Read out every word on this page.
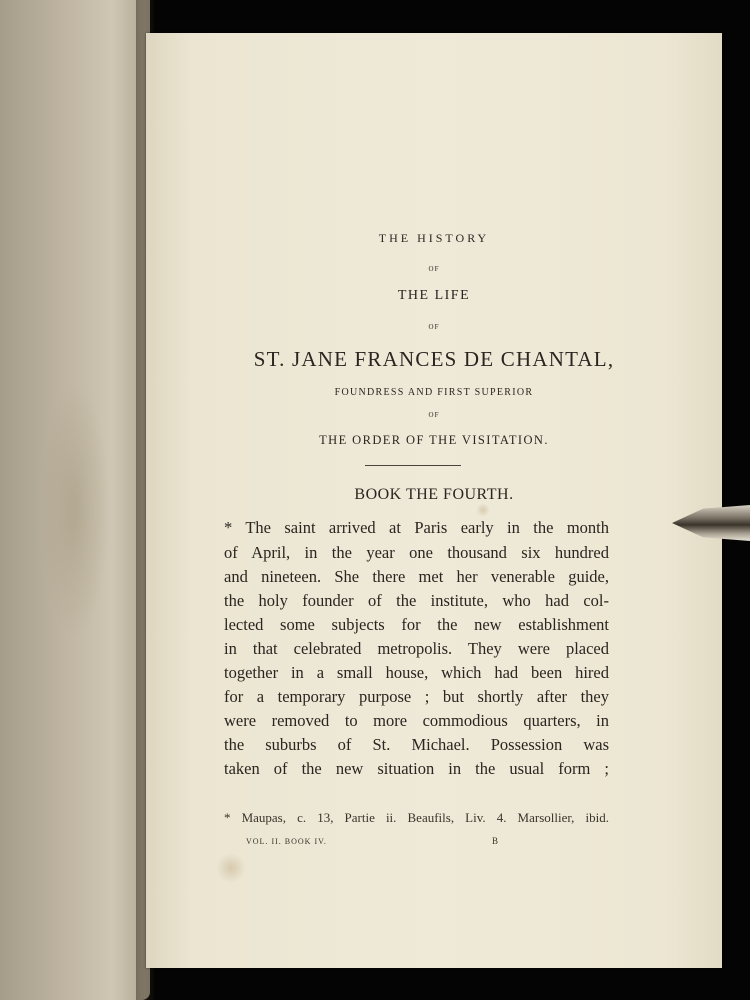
THE HISTORY
OF
THE LIFE
OF
ST. JANE FRANCES DE CHANTAL,
FOUNDRESS AND FIRST SUPERIOR
OF
THE ORDER OF THE VISITATION.
BOOK THE FOURTH.
* The saint arrived at Paris early in the month
of April, in the year one thousand six hundred
and nineteen. She there met her venerable guide,
the holy founder of the institute, who had col-
lected some subjects for the new establishment
in that celebrated metropolis. They were placed
together in a small house, which had been hired
for a temporary purpose ; but shortly after they
were removed to more commodious quarters, in
the suburbs of St. Michael. Possession was
taken of the new situation in the usual form ;
* Maupas, c. 13, Partie ii. Beaufils, Liv. 4. Marsollier, ibid.
VOL. II. BOOK IV.	B
